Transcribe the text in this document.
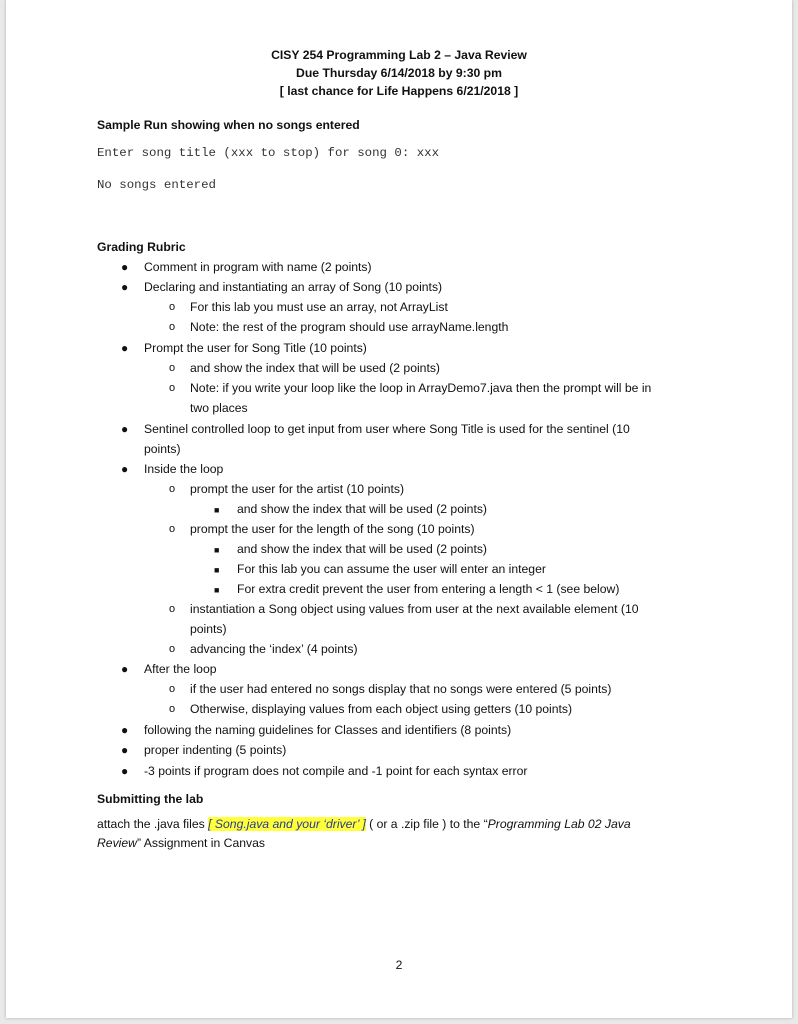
CISY 254 Programming Lab 2 – Java Review
Due Thursday 6/14/2018 by 9:30 pm
[ last chance for Life Happens 6/21/2018 ]
Sample Run showing when no songs entered
Enter song title (xxx to stop) for song 0: xxx
No songs entered
Grading Rubric
● Comment in program with name (2 points)
● Declaring and instantiating an array of Song (10 points)
o For this lab you must use an array, not ArrayList
o Note: the rest of the program should use arrayName.length
● Prompt the user for Song Title (10 points)
o and show the index that will be used (2 points)
o Note: if you write your loop like the loop in ArrayDemo7.java then the prompt will be in
two places
● Sentinel controlled loop to get input from user where Song Title is used for the sentinel (10
points)
● Inside the loop
o prompt the user for the artist (10 points)
■ and show the index that will be used (2 points)
o prompt the user for the length of the song (10 points)
■ and show the index that will be used (2 points)
■ For this lab you can assume the user will enter an integer
■ For extra credit prevent the user from entering a length < 1 (see below)
o instantiation a Song object using values from user at the next available element (10
points)
o advancing the ‘index’ (4 points)
● After the loop
o if the user had entered no songs display that no songs were entered (5 points)
o Otherwise, displaying values from each object using getters (10 points)
● following the naming guidelines for Classes and identifiers (8 points)
● proper indenting (5 points)
● -3 points if program does not compile and -1 point for each syntax error
Submitting the lab
attach the .java files [ Song.java and your ‘driver’ ] ( or a .zip file ) to the “Programming Lab 02 Java
Review” Assignment in Canvas
2
